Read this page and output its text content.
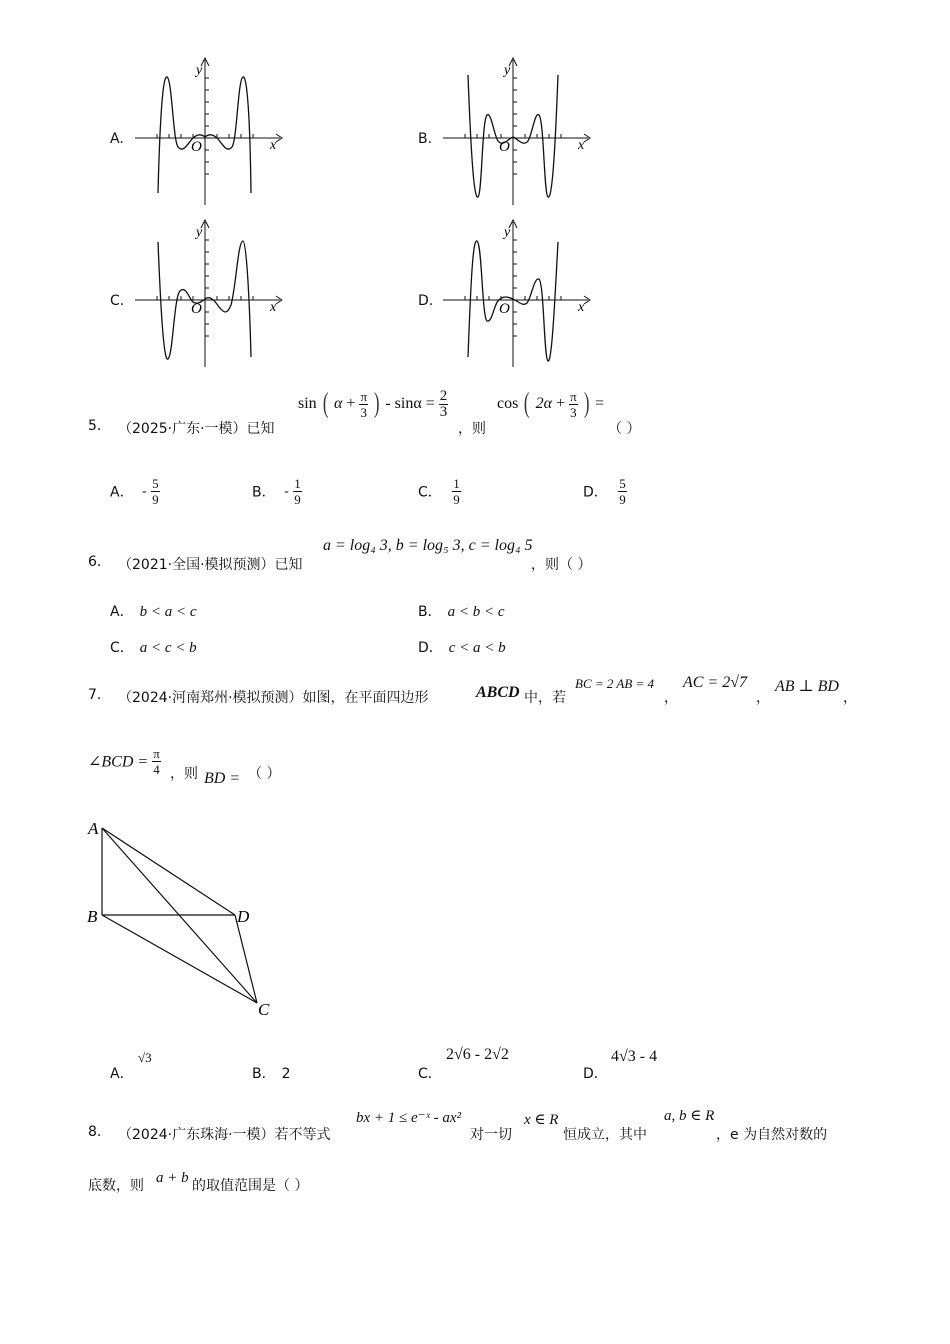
A.	B.
C.	D.
y
x
O
y
x
O
y
x
O
y
x
O
5. （2025·广东·一模）已知
sin ( $\alpha + \frac{\pi}{3}$ ) - $\sin\alpha = \frac{2}{3}$
，则
cos ( $2\alpha + \frac{\pi}{3}$ ) =
（ ）
A． - $\frac{5}{9}$	B． - $\frac{1}{9}$	C． $\frac{1}{9}$	D． $\frac{5}{9}$
6. （2021·全国·模拟预测）已知
a = log₄ 3, b = log₅ 3, c = log₄ 5
，则（ ）
A． b < a < c	B． a < b < c
C． a < c < b	D． c < a < b
7. （2024·河南郑州·模拟预测）如图，在平面四边形	ABCD 中，若
BC = 2 AB = 4
，
AC = 2√7
，
AB ⊥ BD
，
∠BCD = $\frac{\pi}{4}$ ，则 BD = （ ）
A
B	D
C
A．
√3
B． 2	C．
2√6 - 2√2
D．
4√3 - 4
8. （2024·广东珠海·一模）若不等式
bx + 1 ≤ e⁻ˣ - ax²
对一切
x ∈ R
恒成立，其中
a, b ∈ R
，e 为自然对数的
底数，则 a + b 的取值范围是（ ）
